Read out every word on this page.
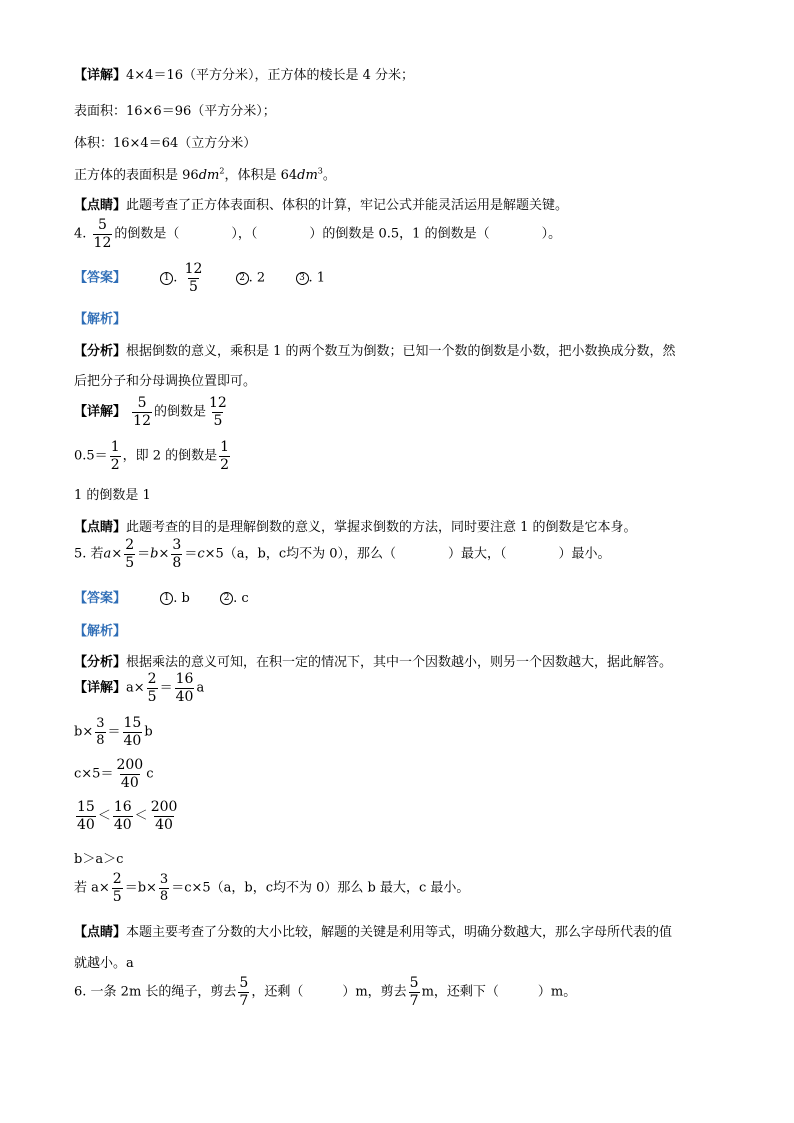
【详解】4×4＝16（平方分米），正方体的棱长是 4 分米；
表面积：16×6＝96（平方分米）；
体积：16×4＝64（立方分米）
正方体的表面积是 $96dm^2$，体积是 $64dm^3$。
【点睛】此题考查了正方体表面积、体积的计算，牢记公式并能灵活运用是解题关键。
4. $\frac{5}{12}$ 的倒数是（　　　　），（　　　　）的倒数是 0.5，1 的倒数是（　　　　）。
【答案】	1 . $\frac{12}{5}$	2 . 2	3 . 1
【解析】
【分析】根据倒数的意义，乘积是 1 的两个数互为倒数；已知一个数的倒数是小数，把小数换成分数，然
后把分子和分母调换位置即可。
【详解】 $\frac{5}{12}$ 的倒数是 $\frac{12}{5}$
$0.5= \frac{1}{2}$ ，即 2 的倒数是 $\frac{1}{2}$
1 的倒数是 1
【点睛】此题考查的目的是理解倒数的意义，掌握求倒数的方法，同时要注意 1 的倒数是它本身。
5. 若$a\times \frac{2}{5} =b\times \frac{3}{8} =c\times 5(a$，b，c均不为 0），那么（　　　　）最大，（　　　　）最小。
【答案】	1 . b	2 . c
【解析】
【分析】根据乘法的意义可知，在积一定的情况下，其中一个因数越小，则另一个因数越大，据此解答。
【详解】$a\times \frac{2}{5} = \frac{16}{40}$ a
$b\times \frac{3}{8} = \frac{15}{40}$ b
$c\times 5= \frac{200}{40}$ c
$\frac{15}{40} < \frac{16}{40} < \frac{200}{40}$
b＞a＞c
若 $a\times \frac{2}{5} =b\times \frac{3}{8} =c\times 5(a$，b，c均不为 0）那么 b 最大，c 最小。
【点睛】本题主要考查了分数的大小比较，解题的关键是利用等式，明确分数越大，那么字母所代表的值
就越小。a
6. 一条 2m 长的绳子，剪去 $\frac{5}{7}$ ，还剩（　　　）m，剪去 $\frac{5}{7}$ m，还剩下（　　　）m。
